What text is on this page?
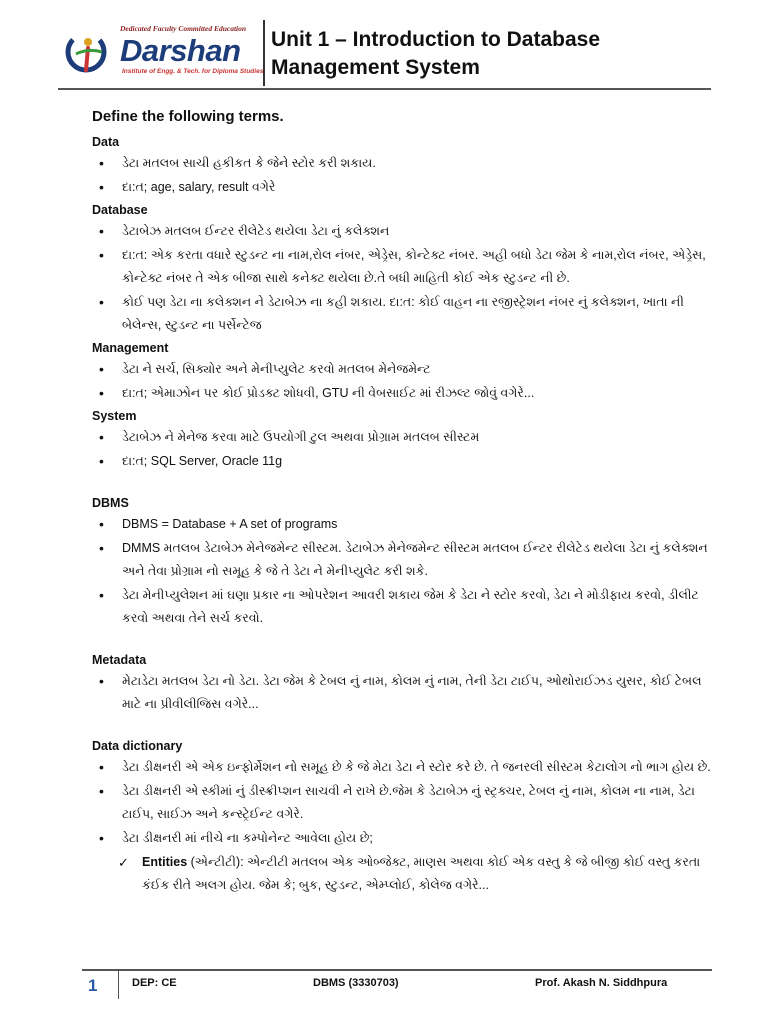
Dedicated Faculty Committed Education
Darshan
Institute of Engg. & Tech. for Diploma Studies
Unit 1 – Introduction to Database
Management System
Define the following terms.
Data
• ડેટા મતલબ સાચી હકીકત કે જેને સ્ટોર કરી શકાય.
• દા:ત; age, salary, result વગેરે
Database
• ડેટાબેઝ મતલબ ઈન્ટર રીલેટેડ થયેલા ડેટા નું કલેક્શન
• દા:ત: એક કરતા વધારે સ્ટુડન્ટ ના નામ,રોલ નંબર, એડ્રેસ, કોન્ટેક્ટ નંબર. અહી બધો ડેટા જેમ કે નામ,રોલ નંબર, એડ્રેસ, કોન્ટેક્ટ નંબર તે એક બીજા સાથે કનેક્ટ થયેલા છે.તે બધી માહિતી કોઈ એક સ્ટુડન્ટ ની છે.
• કોઈ પણ ડેટા ના કલેક્શન ને ડેટાબેઝ ના કહી શકાય. દા:ત: કોઈ વાહન ના રજીસ્ટ્રેશન નંબર નું કલેક્શન, ખાતા ની બેલેન્સ, સ્ટુડન્ટ ના પર્સેન્ટેજ
Management
• ડેટા ને સર્ચ, સિક્યોર અને મેનીપ્યુલેટ કરવો મતલબ મેનેજમેન્ટ
• દા:ત; એમાઝોન પર કોઈ પ્રોડક્ટ શોધવી, GTU ની વેબસાઈટ માં રીઝલ્ટ જોવું વગેરે...
System
• ડેટાબેઝ ને મેનેજ કરવા માટે ઉપયોગી ટુલ અથવા પ્રોગ્રામ મતલબ સીસ્ટમ
• દા:ત; SQL Server, Oracle 11g
DBMS
• DBMS = Database + A set of programs
• DMMS મતલબ ડેટાબેઝ મેનેજમેન્ટ સીસ્ટમ. ડેટાબેઝ મેનેજમેન્ટ સીસ્ટમ મતલબ ઈન્ટર રીલેટેડ થયેલા ડેટા નું કલેક્શન અને તેવા પ્રોગ્રામ નો સમૂહ કે જે તે ડેટા ને મેનીપ્યુલેટ કરી શકે.
• ડેટા મેનીપ્યુલેશન માં ઘણા પ્રકાર ના ઓપરેશન આવરી શકાય જેમ કે ડેટા ને સ્ટોર કરવો, ડેટા ને મોડીફાય કરવો, ડીલીટ કરવો અથવા તેને સર્ચ કરવો.
Metadata
• મેટાડેટા મતલબ ડેટા નો ડેટા. ડેટા જેમ કે ટેબલ નું નામ, કોલમ નું નામ, તેની ડેટા ટાઈપ, ઓથોરાઈઝડ યુસર, કોઈ ટેબલ માટે ના પ્રીવીલીજિસ વગેરે...
Data dictionary
• ડેટા ડીક્ષનરી એ એક ઇન્ફોર્મેશન નો સમૂહ છે કે જે મેટા ડેટા ને સ્ટોર કરે છે. તે જનરલી સીસ્ટમ કેટાલોગ નો ભાગ હોય છે.
• ડેટા ડીક્ષનરી એ સ્કીમાં નું ડીસ્ક્રીપ્શન સાચવી ને રાખે છે.જેમ કે ડેટાબેઝ નું સ્ટ્રક્ચર, ટેબલ નું નામ, કોલમ ના નામ, ડેટા ટાઈપ, સાઈઝ અને કન્સ્ટ્રેઈન્ટ વગેરે.
• ડેટા ડીક્ષનરી માં નીચે ના કમ્પોનેન્ટ આવેલા હોય છે;
✓ Entities (એન્ટીટી): એન્ટીટી મતલબ એક ઓબ્જેક્ટ, માણસ અથવા કોઈ એક વસ્તુ કે જે બીજી કોઈ વસ્તુ કરતા કંઈક રીતે અલગ હોય. જેમ કે; બુક, સ્ટુડન્ટ, એમ્પ્લોઈ, કોલેજ વગેરે...
1	DEP: CE	DBMS (3330703)	Prof. Akash N. Siddhpura
